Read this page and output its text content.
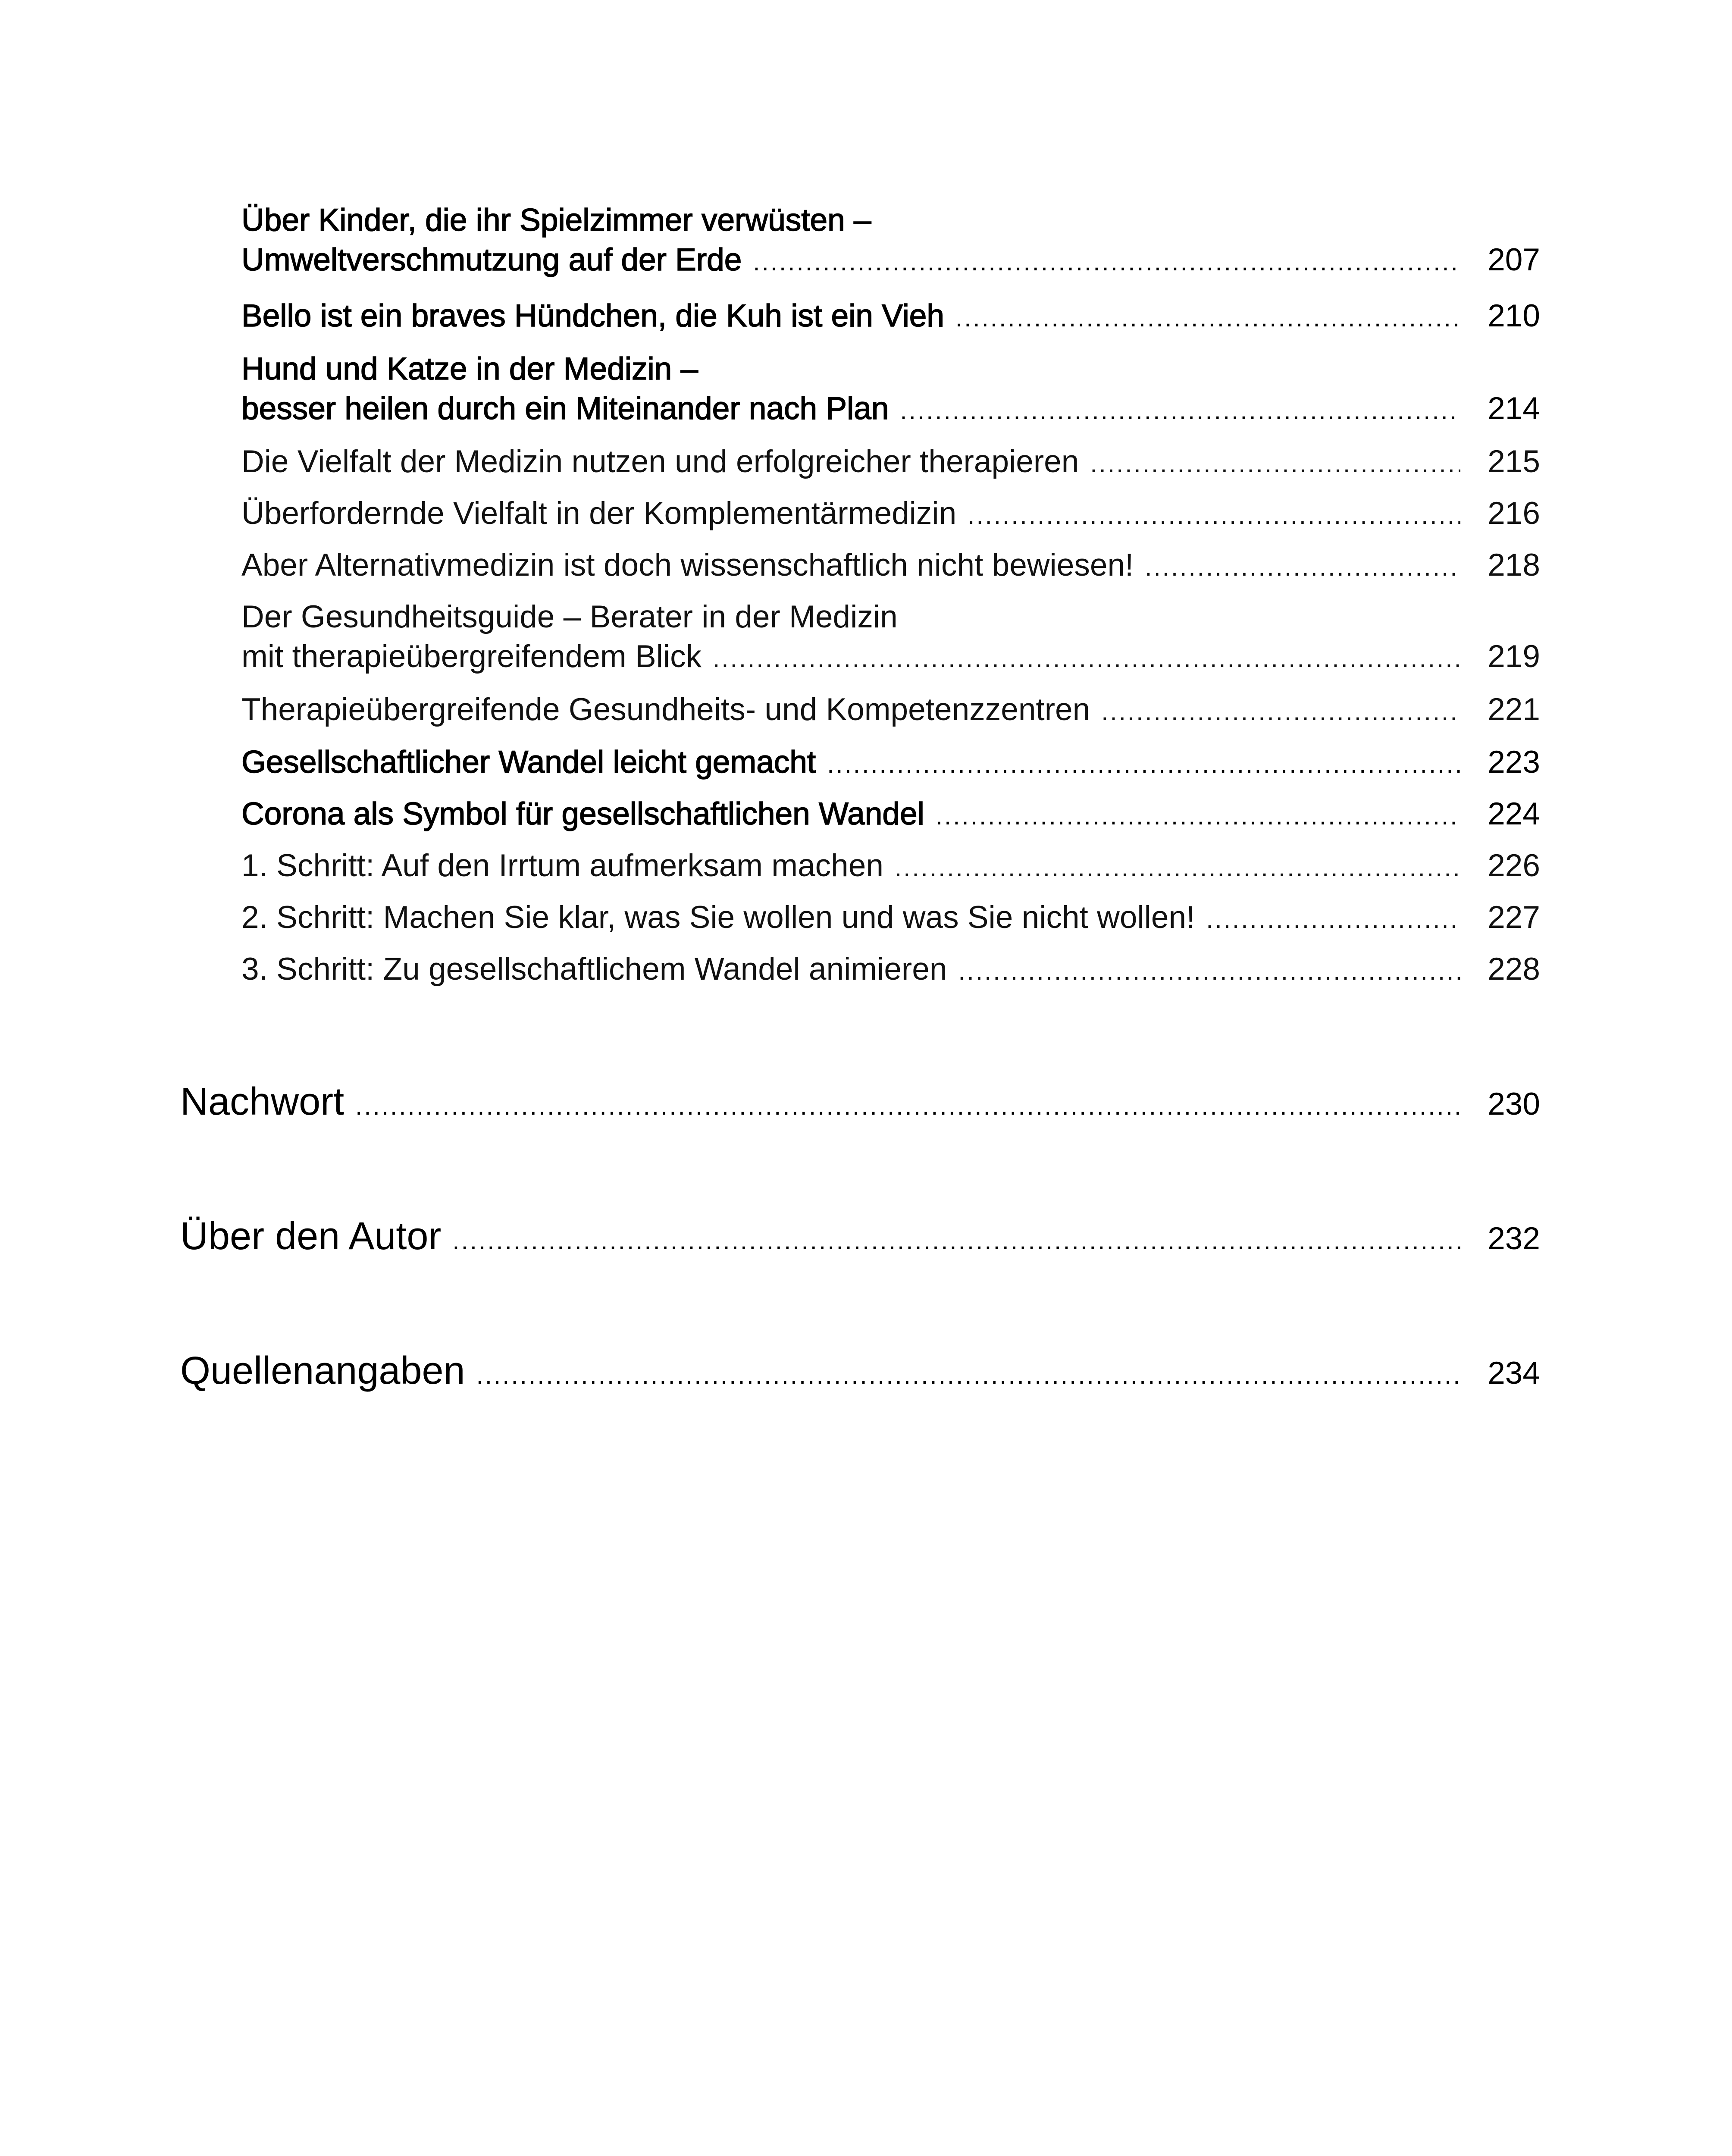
Über Kinder, die ihr Spielzimmer verwüsten –
Umweltverschmutzung auf der Erde . . .	207
Bello ist ein braves Hündchen, die Kuh ist ein Vieh . . .	210
Hund und Katze in der Medizin –
besser heilen durch ein Miteinander nach Plan . . .	214
Die Vielfalt der Medizin nutzen und erfolgreicher therapieren . . .	215
Überfordernde Vielfalt in der Komplementärmedizin . . .	216
Aber Alternativmedizin ist doch wissenschaftlich nicht bewiesen! . . .	218
Der Gesundheitsguide – Berater in der Medizin
mit therapieübergreifendem Blick . . .	219
Therapieübergreifende Gesundheits- und Kompetenzzentren . . .	221
Gesellschaftlicher Wandel leicht gemacht . . .	223
Corona als Symbol für gesellschaftlichen Wandel . . .	224
1. Schritt: Auf den Irrtum aufmerksam machen . . .	226
2. Schritt: Machen Sie klar, was Sie wollen und was Sie nicht wollen! . . .	227
3. Schritt: Zu gesellschaftlichem Wandel animieren . . .	228
Nachwort . . .	230
Über den Autor . . .	232
Quellenangaben . . .	234
